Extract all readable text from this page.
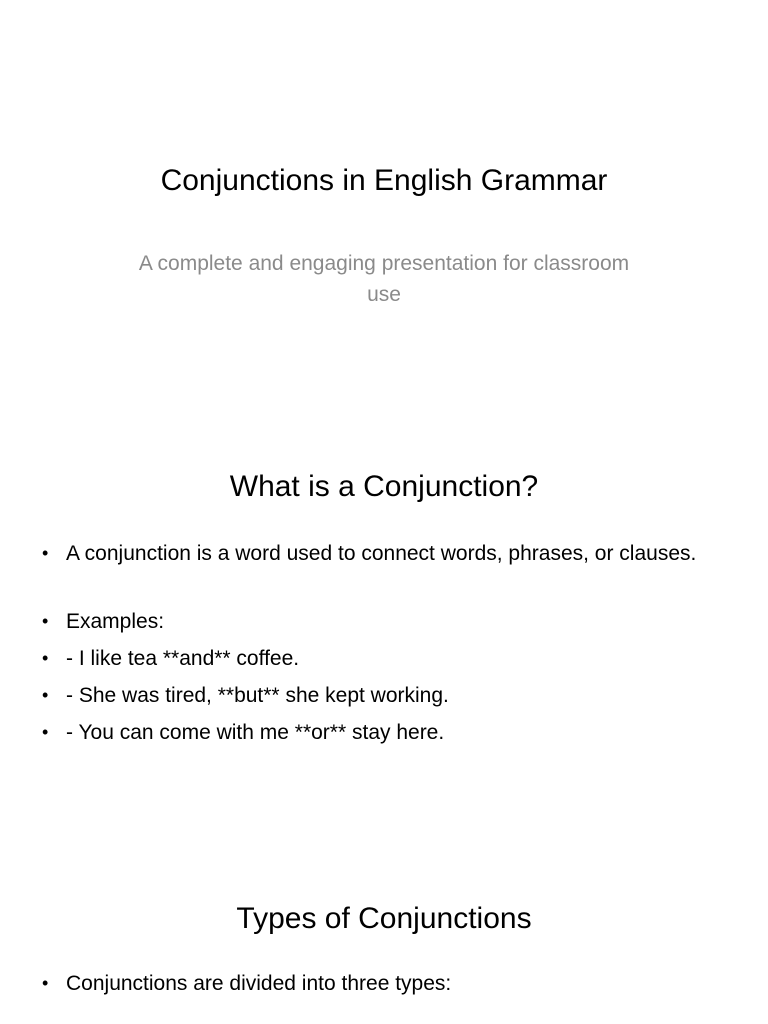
Conjunctions in English Grammar
A complete and engaging presentation for classroom use
What is a Conjunction?
• A conjunction is a word used to connect words, phrases, or clauses.
• Examples:
• - I like tea **and** coffee.
• - She was tired, **but** she kept working.
• - You can come with me **or** stay here.
Types of Conjunctions
• Conjunctions are divided into three types:
